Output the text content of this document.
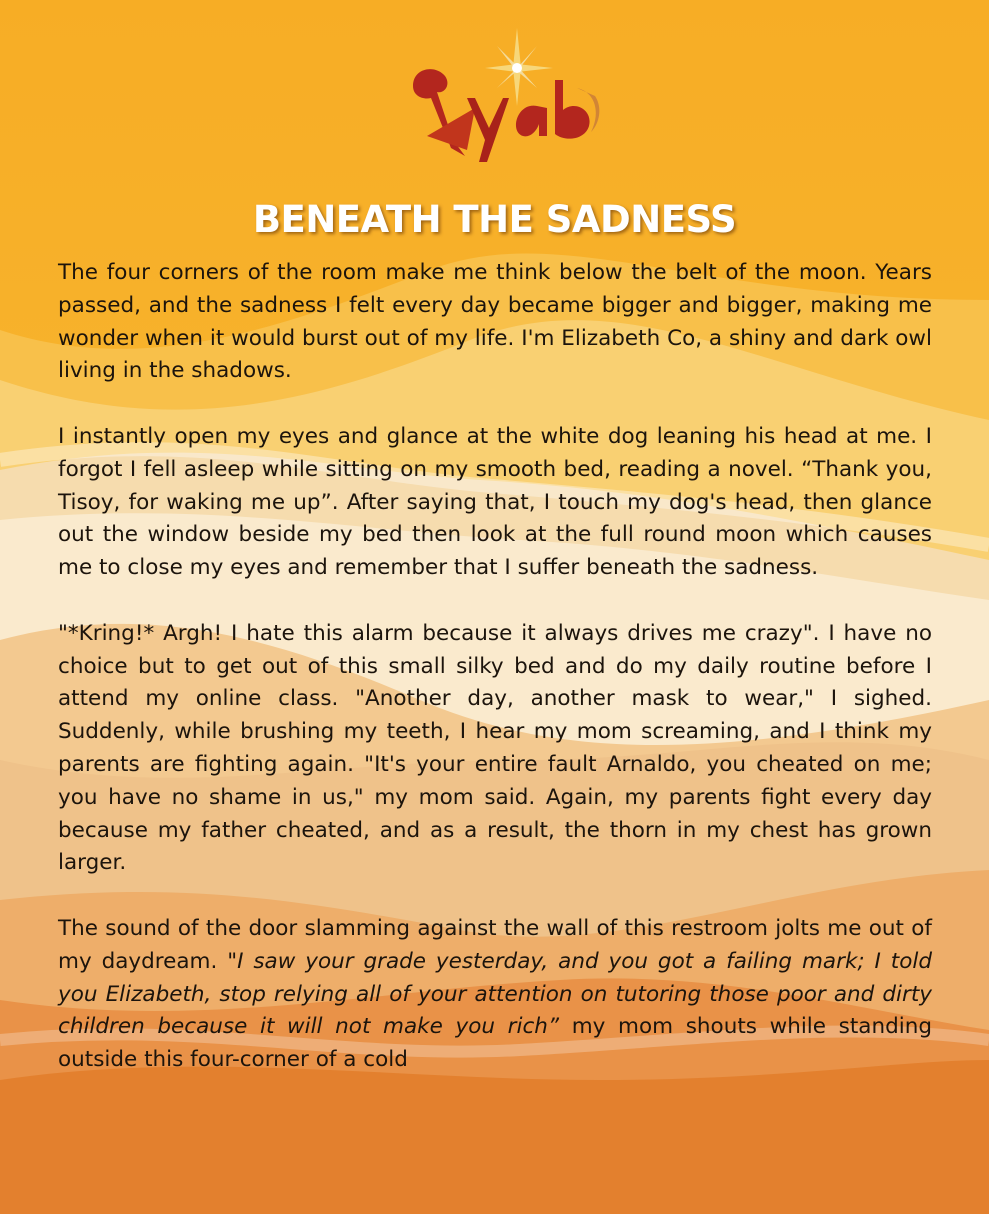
BENEATH THE SADNESS

The four corners of the room make me think below the belt of the moon. Years passed, and the sadness I felt every day became bigger and bigger, making me wonder when it would burst out of my life. I'm Elizabeth Co, a shiny and dark owl living in the shadows.

I instantly open my eyes and glance at the white dog leaning his head at me. I forgot I fell asleep while sitting on my smooth bed, reading a novel. “Thank you, Tisoy, for waking me up”. After saying that, I touch my dog's head, then glance out the window beside my bed then look at the full round moon which causes me to close my eyes and remember that I suffer beneath the sadness.

"*Kring!* Argh! I hate this alarm because it always drives me crazy". I have no choice but to get out of this small silky bed and do my daily routine before I attend my online class. "Another day, another mask to wear," I sighed. Suddenly, while brushing my teeth, I hear my mom screaming, and I think my parents are fighting again. "It's your entire fault Arnaldo, you cheated on me; you have no shame in us," my mom said. Again, my parents fight every day because my father cheated, and as a result, the thorn in my chest has grown larger.

The sound of the door slamming against the wall of this restroom jolts me out of my daydream. "I saw your grade yesterday, and you got a failing mark; I told you Elizabeth, stop relying all of your attention on tutoring those poor and dirty children because it will not make you rich” my mom shouts while standing outside this four-corner of a cold
